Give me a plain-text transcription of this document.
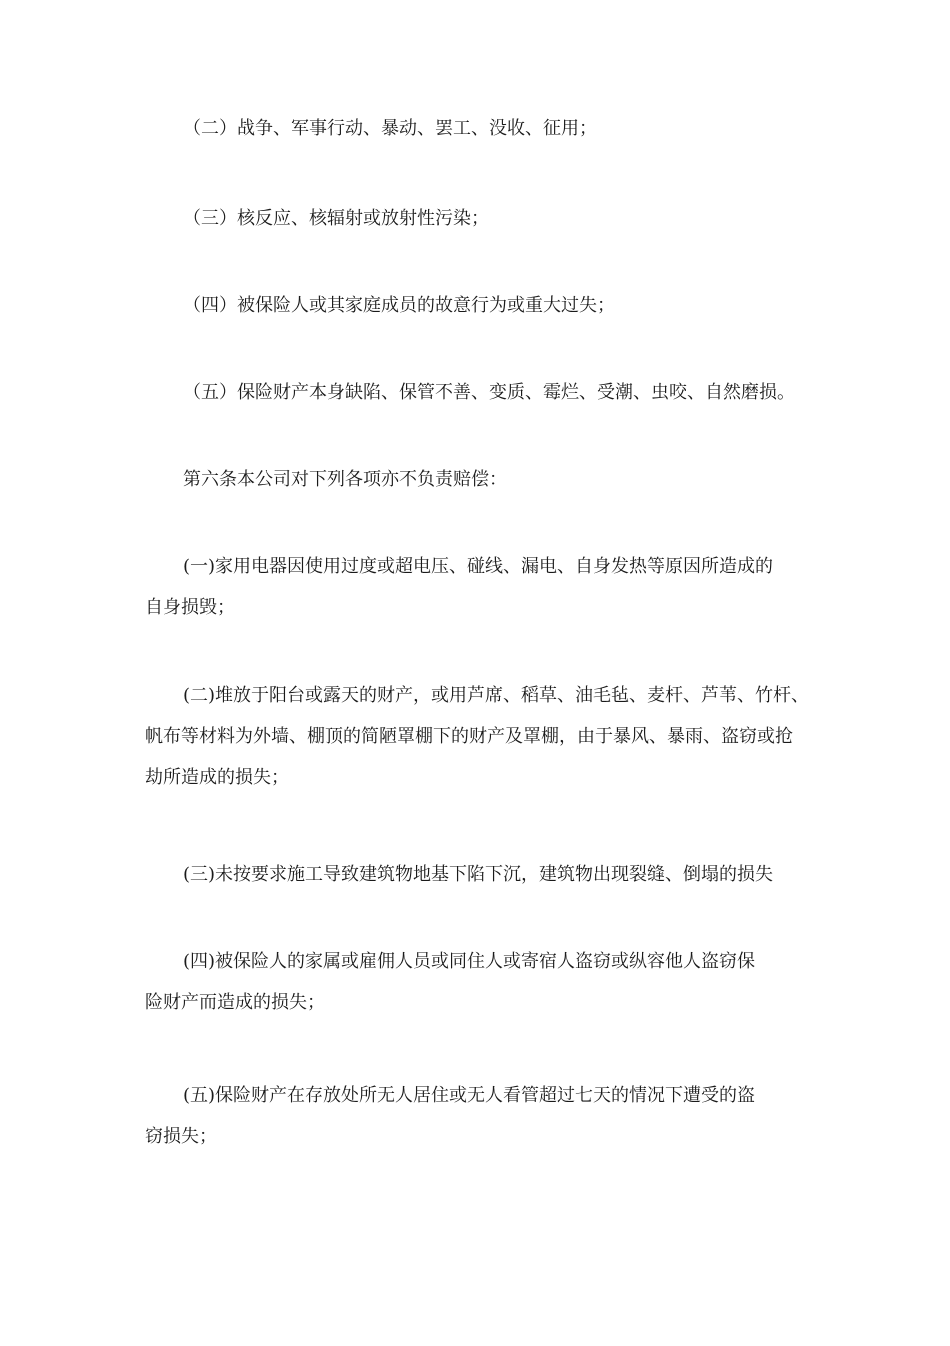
（二）战争、军事行动、暴动、罢工、没收、征用；

（三）核反应、核辐射或放射性污染；

（四）被保险人或其家庭成员的故意行为或重大过失；

（五）保险财产本身缺陷、保管不善、变质、霉烂、受潮、虫咬、自然磨损。

第六条本公司对下列各项亦不负责赔偿：

(一)家用电器因使用过度或超电压、碰线、漏电、自身发热等原因所造成的
自身损毁；

(二)堆放于阳台或露天的财产，或用芦席、稻草、油毛毡、麦杆、芦苇、竹杆、
帆布等材料为外墙、棚顶的简陋罩棚下的财产及罩棚，由于暴风、暴雨、盗窃或抢
劫所造成的损失；

(三)未按要求施工导致建筑物地基下陷下沉，建筑物出现裂缝、倒塌的损失

(四)被保险人的家属或雇佣人员或同住人或寄宿人盗窃或纵容他人盗窃保
险财产而造成的损失；

(五)保险财产在存放处所无人居住或无人看管超过七天的情况下遭受的盗
窃损失；
